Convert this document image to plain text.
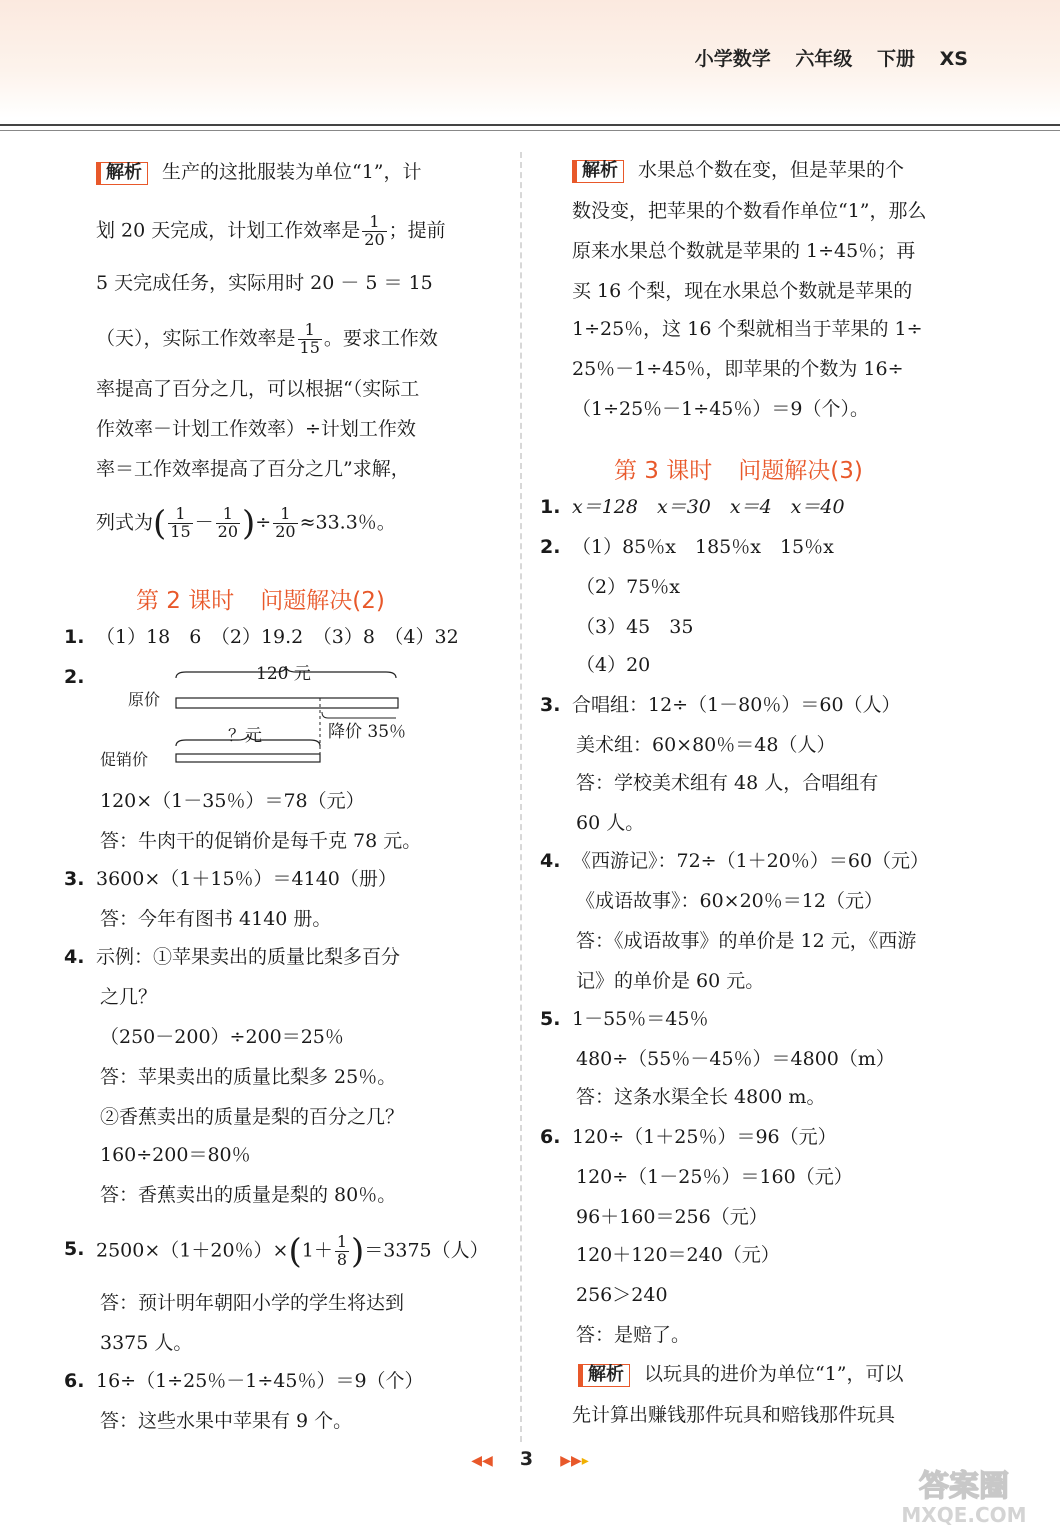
小学数学 六年级 下册 XS
解析 生产的这批服装为单位“1”，计
划 20 天完成，计划工作效率是 $\frac{1}{20}$ ；提前
5 天完成任务，实际用时 20 － 5 ＝ 15
（天），实际工作效率是 $\frac{1}{15}$ 。要求工作效
率提高了百分之几，可以根据“（实际工
作效率－计划工作效率）÷计划工作效
率＝工作效率提高了百分之几”求解，
列式为( $\frac{1}{15} - \frac{1}{20}$ )÷ $\frac{1}{20} \approx 33.3$％。
第 2 课时 问题解决(2)
1. （1）18　6　（2）19.2　（3）8　（4）32
2.	120 元
原价
降价 35％
？元
促销价
120×（1－35％）＝78（元）
答：牛肉干的促销价是每千克 78 元。
3. 3600×（1＋15％）＝4140（册）
答：今年有图书 4140 册。
4. 示例：①苹果卖出的质量比梨多百分
之几？
（250－200）÷200＝25％
答：苹果卖出的质量比梨多 25％。
②香蕉卖出的质量是梨的百分之几？
160÷200＝80％
答：香蕉卖出的质量是梨的 80％。
5. 2500×（1＋20％）$\times(1+ \frac{1}{8} )=3375$（人）
答：预计明年朝阳小学的学生将达到
3375 人。
6. 16÷（1÷25％－1÷45％）＝9（个）
答：这些水果中苹果有 9 个。
解析 水果总个数在变，但是苹果的个
数没变，把苹果的个数看作单位“1”，那么
原来水果总个数就是苹果的 1÷45％；再
买 16 个梨，现在水果总个数就是苹果的
1÷25％，这 16 个梨就相当于苹果的 1÷
25％－1÷45％，即苹果的个数为 16÷
（1÷25％－1÷45％）＝9（个）。
第 3 课时 问题解决(3)
1. x＝128　x＝30　x＝4　x＝40
2. （1）85％x　185％x　15％x
（2）75％x
（3）45　35
（4）20
3. 合唱组：12÷（1－80％）＝60（人）
美术组：60×80％＝48（人）
答：学校美术组有 48 人，合唱组有
60 人。
4. 《西游记》：72÷（1＋20％）＝60（元）
《成语故事》：60×20％＝12（元）
答：《成语故事》的单价是 12 元，《西游
记》的单价是 60 元。
5. 1－55％＝45％
480÷（55％－45％）＝4800（m）
答：这条水渠全长 4800 m。
6. 120÷（1＋25％）＝96（元）
120÷（1－25％）＝160（元）
96＋160＝256（元）
120＋120＝240（元）
256＞240
答：是赔了。
解析 以玩具的进价为单位“1”，可以
先计算出赚钱那件玩具和赔钱那件玩具
◀◀ 3 ▶▶▸
答案圈
MXQE.COM
